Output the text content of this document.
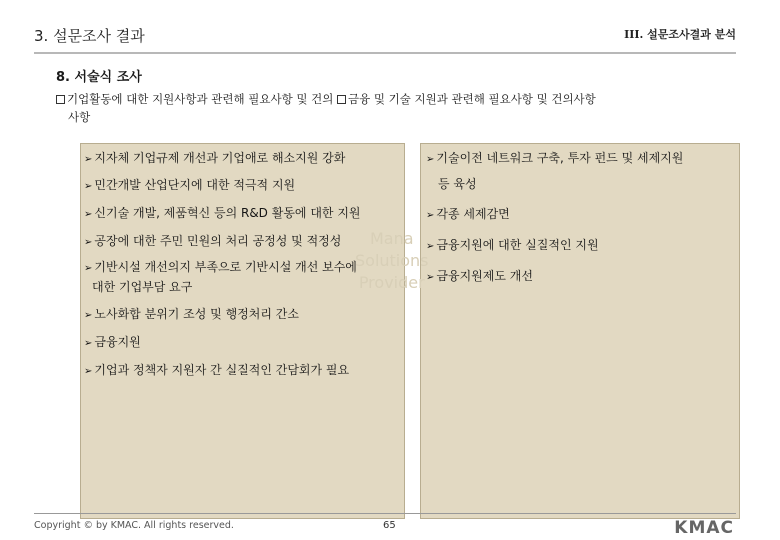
3. 설문조사 결과	III. 설문조사결과 분석
8. 서술식 조사
기업활동에 대한 지원사항과 관련해 필요사항 및 건의 금융 및 기술 지원과 관련해 필요사항 및 건의사항
사항
Mana
Solutions
Provider
➢ 지자체 기업규제 개선과 기업애로 해소지원 강화
➢ 민간개발 산업단지에 대한 적극적 지원
➢ 신기술 개발, 제품혁신 등의 R&D 활동에 대한 지원
➢ 공장에 대한 주민 민원의 처리 공정성 및 적정성
➢ 기반시설 개선의지 부족으로 기반시설 개선 보수에
대한 기업부담 요구
➢ 노사화합 분위기 조성 및 행정처리 간소
➢ 금융지원
➢ 기업과 정책자 지원자 간 실질적인 간담회가 필요
➢ 기술이전 네트워크 구축, 투자 펀드 및 세제지원
등 육성
➢ 각종 세제감면
➢ 금융지원에 대한 실질적인 지원
➢ 금융지원제도 개선
Copyright © by KMAC. All rights reserved.	65	KMAC
